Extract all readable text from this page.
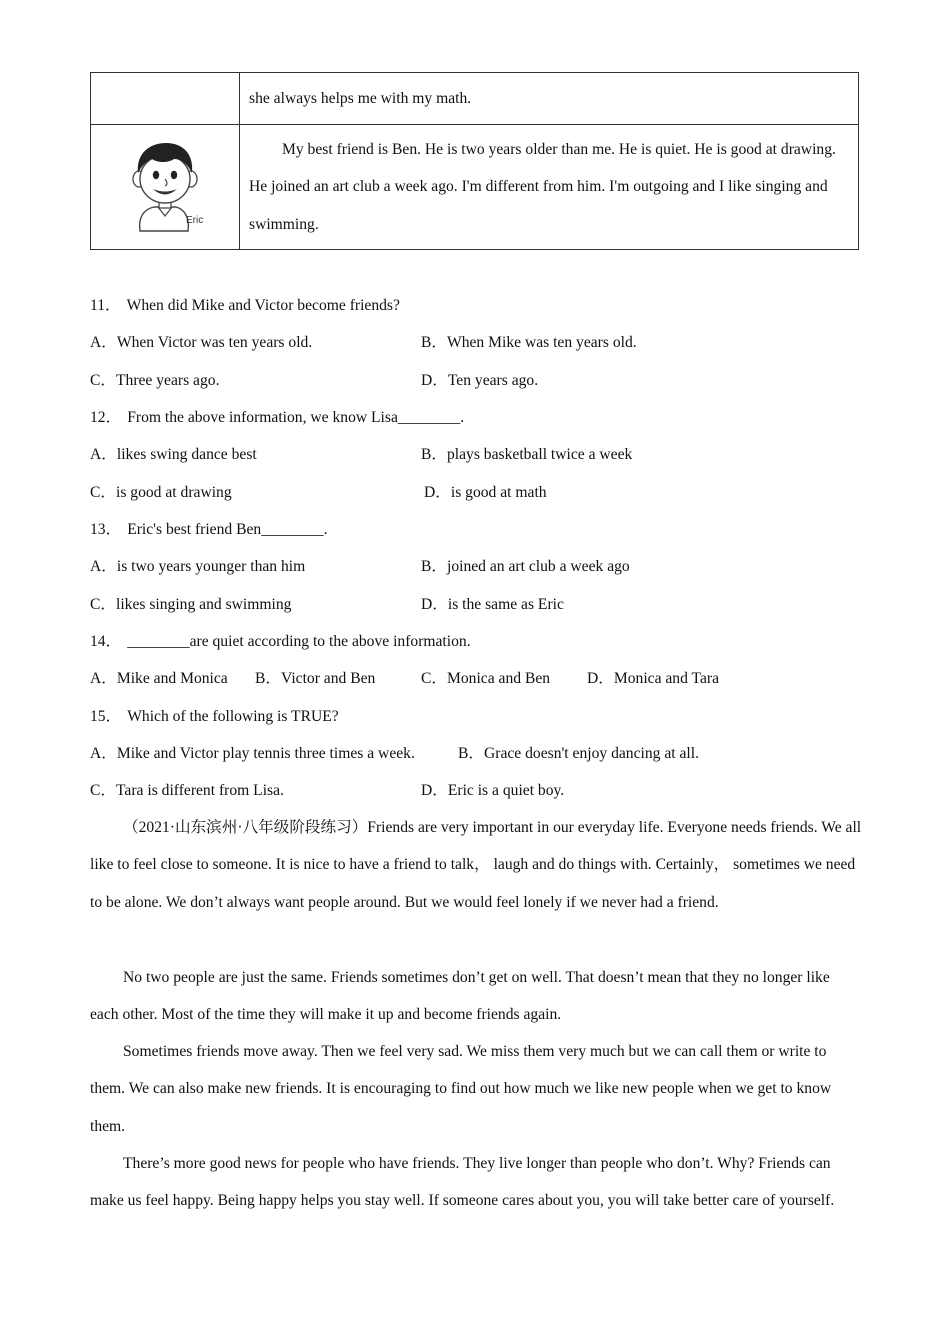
	she always helps me with my math.

	My best friend is Ben. He is two years older than me. He is quiet. He is good at drawing. He joined an art club a week ago. I'm different from him. I'm outgoing and I like singing and swimming.
Eric
11． When did Mike and Victor become friends?
A．When Victor was ten years old.	B．When Mike was ten years old.
C．Three years ago.	D．Ten years ago.
12． From the above information, we know Lisa________.
A．likes swing dance best	B．plays basketball twice a week
C．is good at drawing	D．is good at math
13． Eric's best friend Ben________.
A．is two years younger than him	B．joined an art club a week ago
C．likes singing and swimming	D．is the same as Eric
14． ________are quiet according to the above information.
A．Mike and Monica B．Victor and Ben	C．Monica and Ben D．Monica and Tara
15． Which of the following is TRUE?
A．Mike and Victor play tennis three times a week.	B．Grace doesn't enjoy dancing at all.
C．Tara is different from Lisa.	D．Eric is a quiet boy.
（2021·山东滨州·八年级阶段练习）Friends are very important in our everyday life. Everyone needs friends. We all like to feel close to someone. It is nice to have a friend to talk， laugh and do things with. Certainly， sometimes we need to be alone. We don’t always want people around. But we would feel lonely if we never had a friend.
No two people are just the same. Friends sometimes don’t get on well. That doesn’t mean that they no longer like each other. Most of the time they will make it up and become friends again.
Sometimes friends move away. Then we feel very sad. We miss them very much but we can call them or write to them. We can also make new friends. It is encouraging to find out how much we like new people when we get to know them.
There’s more good news for people who have friends. They live longer than people who don’t. Why? Friends can make us feel happy. Being happy helps you stay well. If someone cares about you, you will take better care of yourself.
